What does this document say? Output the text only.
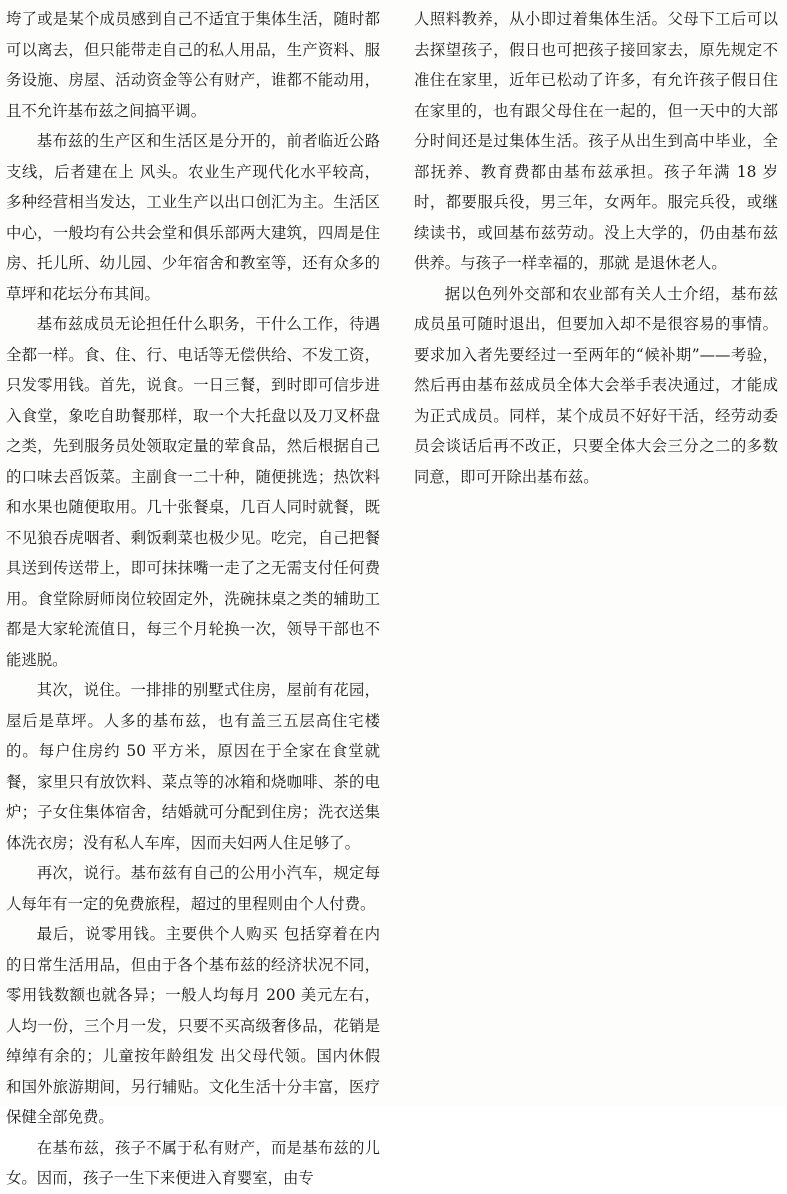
垮了或是某个成员感到自己不适宜于集体生活，随时都可以离去，但只能带走自己的私人用品，生产资料、服务设施、房屋、活动资金等公有财产，谁都不能动用，且不允许基布兹之间搞平调。

基布兹的生产区和生活区是分开的，前者临近公路支线，后者建在上 风头。农业生产现代化水平较高，多种经营相当发达，工业生产以出口创汇为主。生活区中心，一般均有公共会堂和俱乐部两大建筑，四周是住房、托儿所、幼儿园、少年宿舍和教室等，还有众多的草坪和花坛分布其间。

基布兹成员无论担任什么职务，干什么工作，待遇全都一样。食、住、行、电话等无偿供给、不发工资，只发零用钱。首先，说食。一日三餐，到时即可信步进入食堂，象吃自助餐那样，取一个大托盘以及刀叉杯盘之类，先到服务员处领取定量的荤食品，然后根据自己的口味去舀饭菜。主副食一二十种，随便挑选；热饮料和水果也随便取用。几十张餐桌，几百人同时就餐，既不见狼吞虎咽者、剩饭剩菜也极少见。吃完，自己把餐具送到传送带上，即可抹抹嘴一走了之无需支付任何费用。食堂除厨师岗位较固定外，洗碗抹桌之类的辅助工都是大家轮流值日，每三个月轮换一次，领导干部也不能逃脱。

其次，说住。一排排的别墅式住房，屋前有花园，屋后是草坪。人多的基布兹，也有盖三五层高住宅楼的。每户住房约 50 平方米，原因在于全家在食堂就餐，家里只有放饮料、菜点等的冰箱和烧咖啡、茶的电炉；子女住集体宿舍，结婚就可分配到住房；洗衣送集体洗衣房；没有私人车库，因而夫妇两人住足够了。

再次，说行。基布兹有自己的公用小汽车，规定每人每年有一定的免费旅程，超过的里程则由个人付费。

最后，说零用钱。主要供个人购买 包括穿着在内的日常生活用品，但由于各个基布兹的经济状况不同，零用钱数额也就各异；一般人均每月 200 美元左右，人均一份，三个月一发，只要不买高级奢侈品，花销是绰绰有余的；儿童按年龄组发 出父母代领。国内休假和国外旅游期间，另行辅贴。文化生活十分丰富，医疗保健全部免费。

在基布兹，孩子不属于私有财产，而是基布兹的儿女。因而，孩子一生下来便进入育婴室，由专

人照料教养，从小即过着集体生活。父母下工后可以去探望孩子，假日也可把孩子接回家去，原先规定不准住在家里，近年已松动了许多，有允许孩子假日住在家里的，也有跟父母住在一起的，但一天中的大部分时间还是过集体生活。孩子从出生到高中毕业，全部抚养、教育费都由基布兹承担。孩子年满 18 岁时，都要服兵役，男三年，女两年。服完兵役，或继续读书，或回基布兹劳动。没上大学的，仍由基布兹供养。与孩子一样幸福的，那就 是退休老人。

据以色列外交部和农业部有关人士介绍，基布兹成员虽可随时退出，但要加入却不是很容易的事情。要求加入者先要经过一至两年的“候补期”——考验，然后再由基布兹成员全体大会举手表决通过，才能成为正式成员。同样，某个成员不好好干活，经劳动委员会谈话后再不改正，只要全体大会三分之二的多数同意，即可开除出基布兹。
